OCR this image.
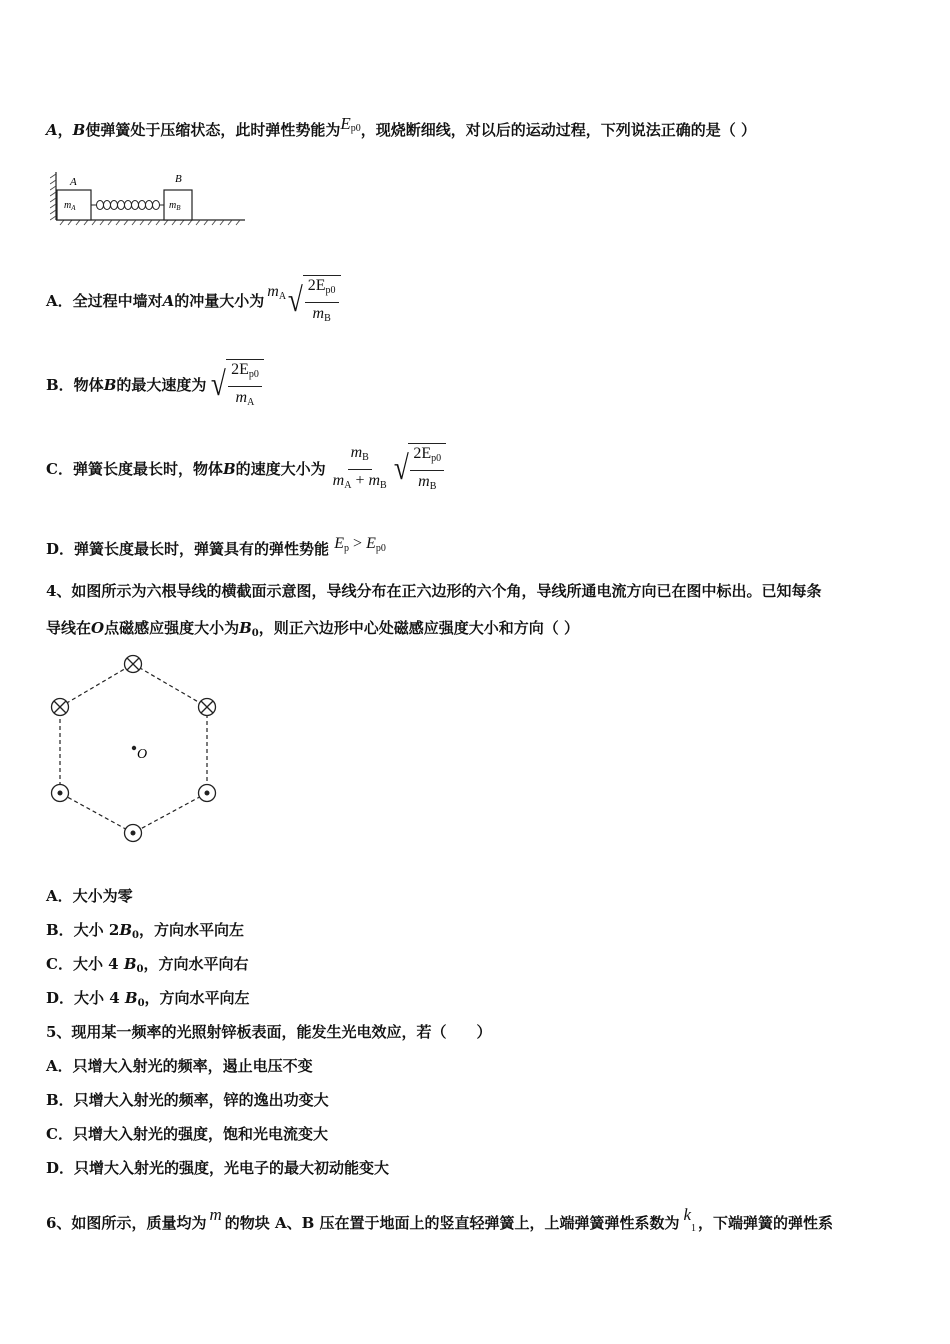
A，B使弹簧处于压缩状态，此时弹性势能为$E^{p0}$，现烧断细线，对以后的运动过程，下列说法正确的是（ ）
A
$m_A$
B
$m_B$
A．全过程中墙对 A 的冲量大小为
$m_A$ √ $\frac{2E_{p0}}{m_B}$
B．物体 B 的最大速度为 √ $\frac{2E_{p0}}{m_A}$
C．弹簧长度最长时，物体 B 的速度大小为 $\frac{m_B}{m_A + m_B}$ √ $\frac{2E_{p0}}{m_B}$
D．弹簧长度最长时，弹簧具有的弹性势能 $E_p > E_{p0}$
4、如图所示为六根导线的横截面示意图，导线分布在正六边形的六个角，导线所通电流方向已在图中标出。已知每条
导线在O点磁感应强度大小为$B_0$，则正六边形中心处磁感应强度大小和方向（ ）
O
A．大小为零
B．大小 $2B_0$，方向水平向左
C．大小 4 $B_0$，方向水平向右
D．大小 4 $B_0$，方向水平向左
5、现用某一频率的光照射锌板表面，能发生光电效应，若（　　）
A．只增大入射光的频率，遏止电压不变
B．只增大入射光的频率，锌的逸出功变大
C．只增大入射光的强度，饱和光电流变大
D．只增大入射光的强度，光电子的最大初动能变大
6、如图所示，质量均为 m 的物块 A、B 压在置于地面上的竖直轻弹簧上，上端弹簧弹性系数为 $k_1$ ，下端弹簧的弹性系
